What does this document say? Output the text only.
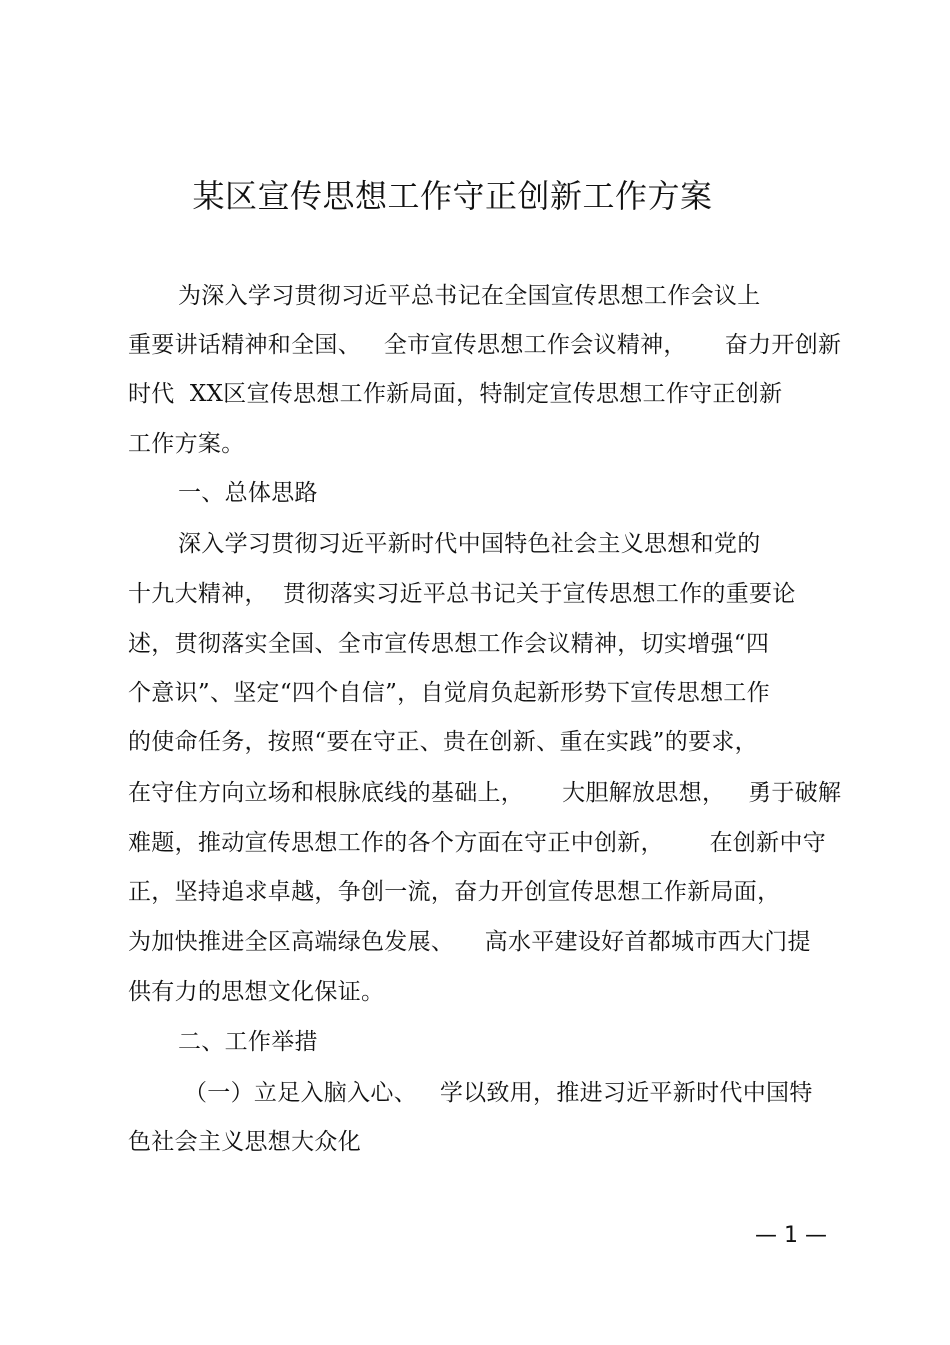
某区宣传思想工作守正创新工作方案
为深入学习贯彻习近平总书记在全国宣传思想工作会议上
重要讲话精神和全国、   全市宣传思想工作会议精神，     奋力开创新
时代  XX区宣传思想工作新局面，特制定宣传思想工作守正创新
工作方案。
一、总体思路
深入学习贯彻习近平新时代中国特色社会主义思想和党的
十九大精神，  贯彻落实习近平总书记关于宣传思想工作的重要论
述，贯彻落实全国、全市宣传思想工作会议精神，切实增强“四
个意识”、坚定“四个自信”，自觉肩负起新形势下宣传思想工作
的使命任务，按照“要在守正、贵在创新、重在实践”的要求，
在守住方向立场和根脉底线的基础上，     大胆解放思想，   勇于破解
难题，推动宣传思想工作的各个方面在守正中创新，      在创新中守
正，坚持追求卓越，争创一流，奋力开创宣传思想工作新局面，
为加快推进全区高端绿色发展、    高水平建设好首都城市西大门提
供有力的思想文化保证。
二、工作举措
（一）立足入脑入心、   学以致用，推进习近平新时代中国特
色社会主义思想大众化
— 1 —
